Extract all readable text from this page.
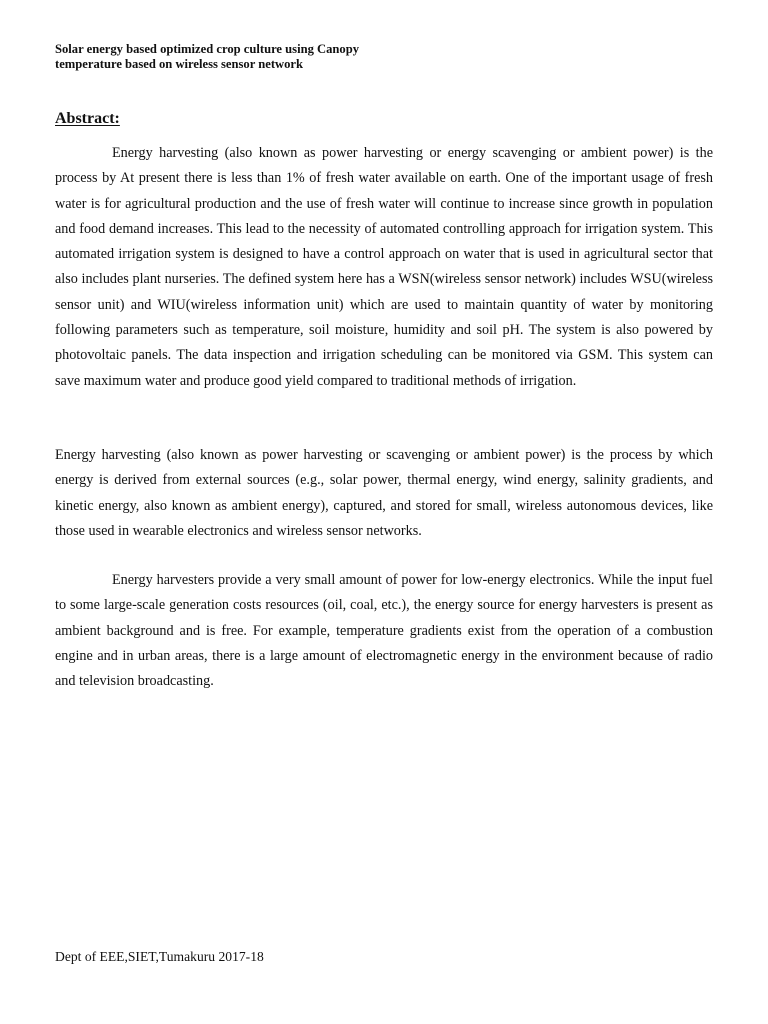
Solar energy based optimized crop culture using Canopy
temperature based on wireless sensor network
Abstract:

Energy harvesting (also known as power harvesting or energy scavenging or ambient power) is the process by At present there is less than 1% of fresh water available on earth. One of the important usage of fresh water is for agricultural production and the use of fresh water will continue to increase since growth in population and food demand increases. This lead to the necessity of automated controlling approach for irrigation system. This automated irrigation system is designed to have a control approach on water that is used in agricultural sector that also includes plant nurseries. The defined system here has a WSN(wireless sensor network) includes WSU(wireless sensor unit) and WIU(wireless information unit) which are used to maintain quantity of water by monitoring following parameters such as temperature, soil moisture, humidity and soil pH. The system is also powered by photovoltaic panels. The data inspection and irrigation scheduling can be monitored via GSM. This system can save maximum water and produce good yield compared to traditional methods of irrigation.

Energy harvesting (also known as power harvesting or scavenging or ambient power) is the process by which energy is derived from external sources (e.g., solar power, thermal energy, wind energy, salinity gradients, and kinetic energy, also known as ambient energy), captured, and stored for small, wireless autonomous devices, like those used in wearable electronics and wireless sensor networks.

Energy harvesters provide a very small amount of power for low-energy electronics. While the input fuel to some large-scale generation costs resources (oil, coal, etc.), the energy source for energy harvesters is present as ambient background and is free. For example, temperature gradients exist from the operation of a combustion engine and in urban areas, there is a large amount of electromagnetic energy in the environment because of radio and television broadcasting.

Dept of EEE,SIET,Tumakuru 2017-18
